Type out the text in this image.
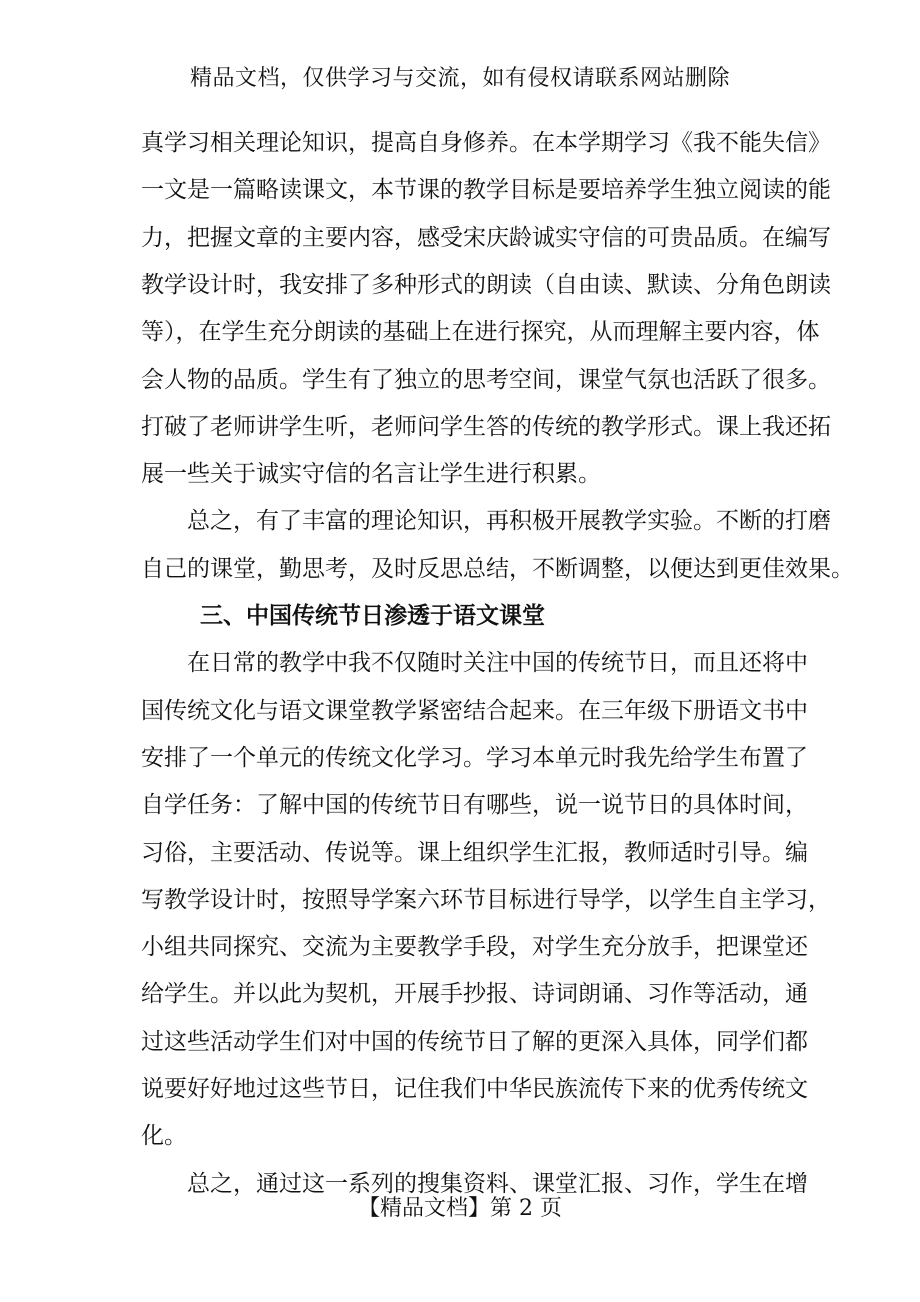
精品文档，仅供学习与交流，如有侵权请联系网站删除
真学习相关理论知识，提高自身修养。在本学期学习《我不能失信》
一文是一篇略读课文，本节课的教学目标是要培养学生独立阅读的能
力，把握文章的主要内容，感受宋庆龄诚实守信的可贵品质。在编写
教学设计时，我安排了多种形式的朗读（自由读、默读、分角色朗读
等），在学生充分朗读的基础上在进行探究，从而理解主要内容，体
会人物的品质。学生有了独立的思考空间，课堂气氛也活跃了很多。
打破了老师讲学生听，老师问学生答的传统的教学形式。课上我还拓
展一些关于诚实守信的名言让学生进行积累。
总之，有了丰富的理论知识，再积极开展教学实验。不断的打磨
自己的课堂，勤思考，及时反思总结，不断调整，以便达到更佳效果。
三、中国传统节日渗透于语文课堂
在日常的教学中我不仅随时关注中国的传统节日，而且还将中
国传统文化与语文课堂教学紧密结合起来。在三年级下册语文书中
安排了一个单元的传统文化学习。学习本单元时我先给学生布置了
自学任务：了解中国的传统节日有哪些，说一说节日的具体时间，
习俗，主要活动、传说等。课上组织学生汇报，教师适时引导。编
写教学设计时，按照导学案六环节目标进行导学，以学生自主学习，
小组共同探究、交流为主要教学手段，对学生充分放手，把课堂还
给学生。并以此为契机，开展手抄报、诗词朗诵、习作等活动，通
过这些活动学生们对中国的传统节日了解的更深入具体，同学们都
说要好好地过这些节日，记住我们中华民族流传下来的优秀传统文
化。
总之，通过这一系列的搜集资料、课堂汇报、习作，学生在增
【精品文档】第 2 页
